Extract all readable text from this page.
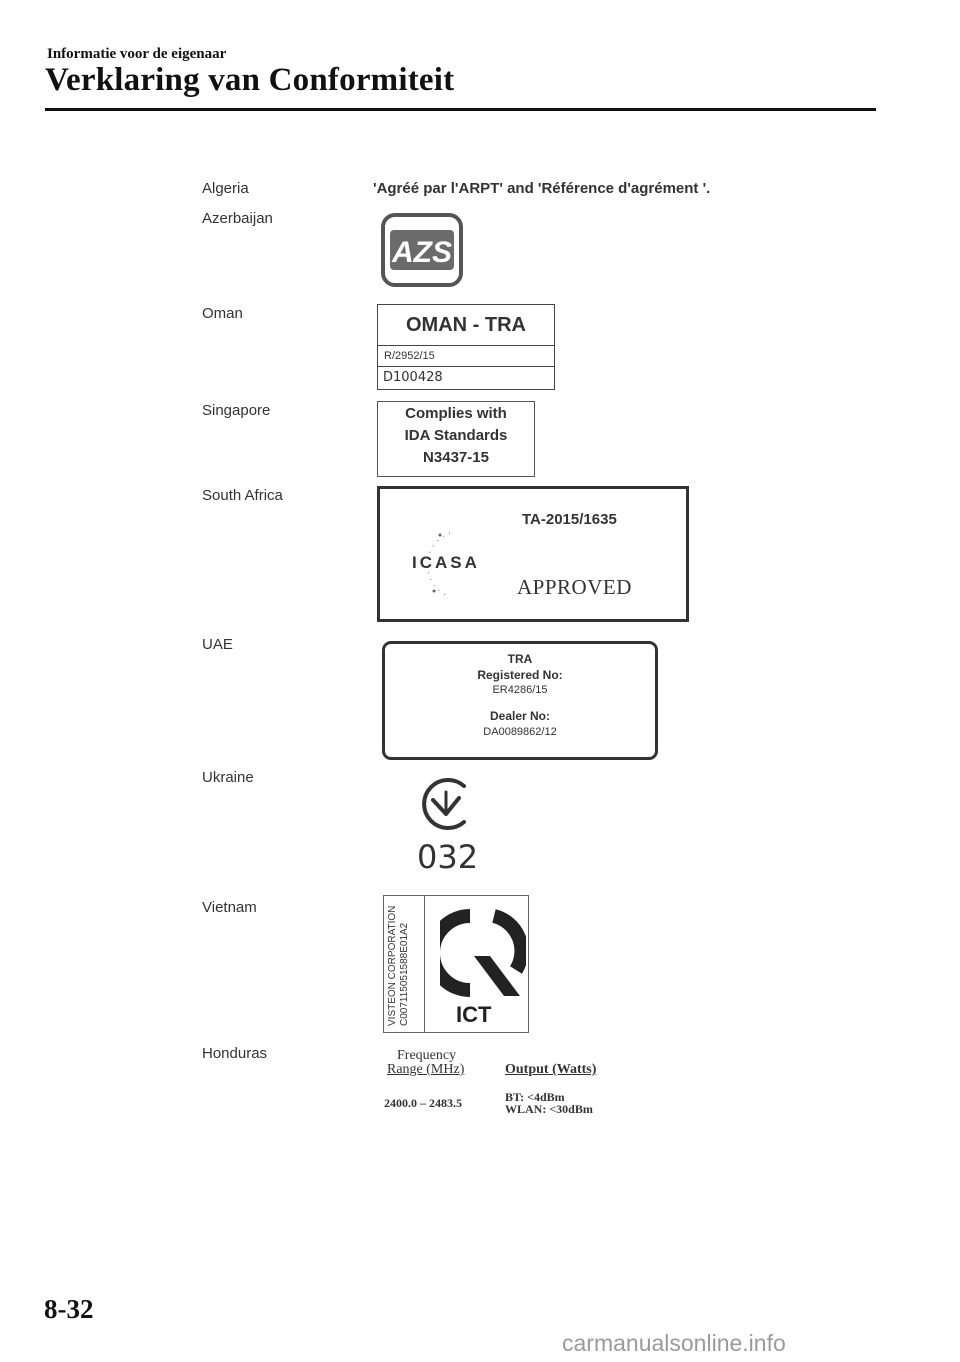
Informatie voor de eigenaar
Verklaring van Conformiteit
Algeria
Azerbaijan
Oman
Singapore
South Africa
UAE
Ukraine
Vietnam
Honduras
'Agréé par l'ARPT' and 'Référence d'agrément '.
AZS
OMAN - TRA
R/2952/15
D100428
Complies with
IDA Standards
N3437-15
TA-2015/1635
ICASA
APPROVED
TRA
Registered No:
ER4286/15
Dealer No:
DA0089862/12
032
VISTEON CORPORATION C007115051588E01A2 ICT
Frequency
Range (MHz)	Output (Watts)
2400.0 – 2483.5	BT: <4dBm
WLAN: <30dBm
8-32
carmanualsonline.info
